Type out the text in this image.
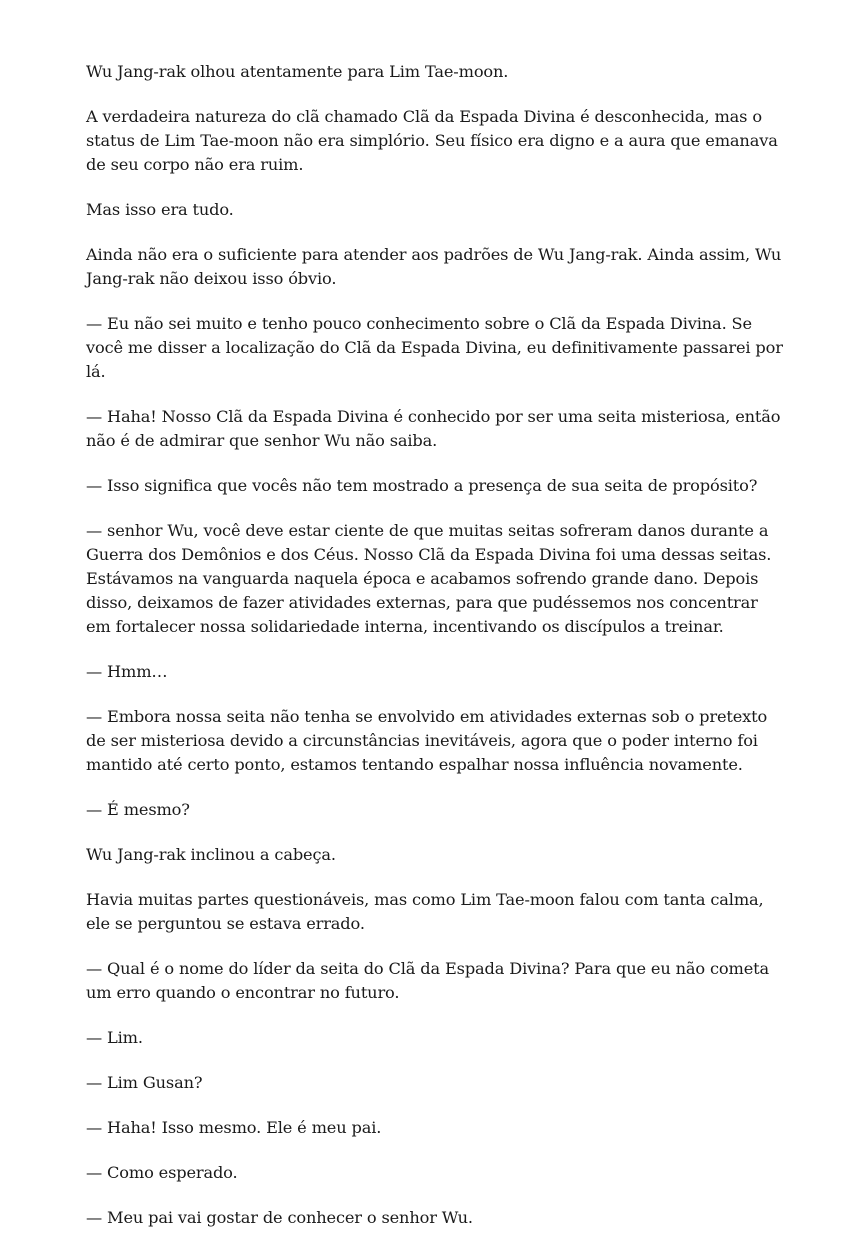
Wu Jang-rak olhou atentamente para Lim Tae-moon.

A verdadeira natureza do clã chamado Clã da Espada Divina é desconhecida, mas o status de Lim Tae-moon não era simplório. Seu físico era digno e a aura que emanava de seu corpo não era ruim.

Mas isso era tudo.

Ainda não era o suficiente para atender aos padrões de Wu Jang-rak. Ainda assim, Wu Jang-rak não deixou isso óbvio.

— Eu não sei muito e tenho pouco conhecimento sobre o Clã da Espada Divina. Se você me disser a localização do Clã da Espada Divina, eu definitivamente passarei por lá.

— Haha! Nosso Clã da Espada Divina é conhecido por ser uma seita misteriosa, então não é de admirar que senhor Wu não saiba.

— Isso significa que vocês não tem mostrado a presença de sua seita de propósito?

— senhor Wu, você deve estar ciente de que muitas seitas sofreram danos durante a Guerra dos Demônios e dos Céus. Nosso Clã da Espada Divina foi uma dessas seitas. Estávamos na vanguarda naquela época e acabamos sofrendo grande dano. Depois disso, deixamos de fazer atividades externas, para que pudéssemos nos concentrar em fortalecer nossa solidariedade interna, incentivando os discípulos a treinar.

— Hmm…

— Embora nossa seita não tenha se envolvido em atividades externas sob o pretexto de ser misteriosa devido a circunstâncias inevitáveis, agora que o poder interno foi mantido até certo ponto, estamos tentando espalhar nossa influência novamente.

— É mesmo?

Wu Jang-rak inclinou a cabeça.

Havia muitas partes questionáveis, mas como Lim Tae-moon falou com tanta calma, ele se perguntou se estava errado.

— Qual é o nome do líder da seita do Clã da Espada Divina? Para que eu não cometa um erro quando o encontrar no futuro.

— Lim.

— Lim Gusan?

— Haha! Isso mesmo. Ele é meu pai.

— Como esperado.

— Meu pai vai gostar de conhecer o senhor Wu.
